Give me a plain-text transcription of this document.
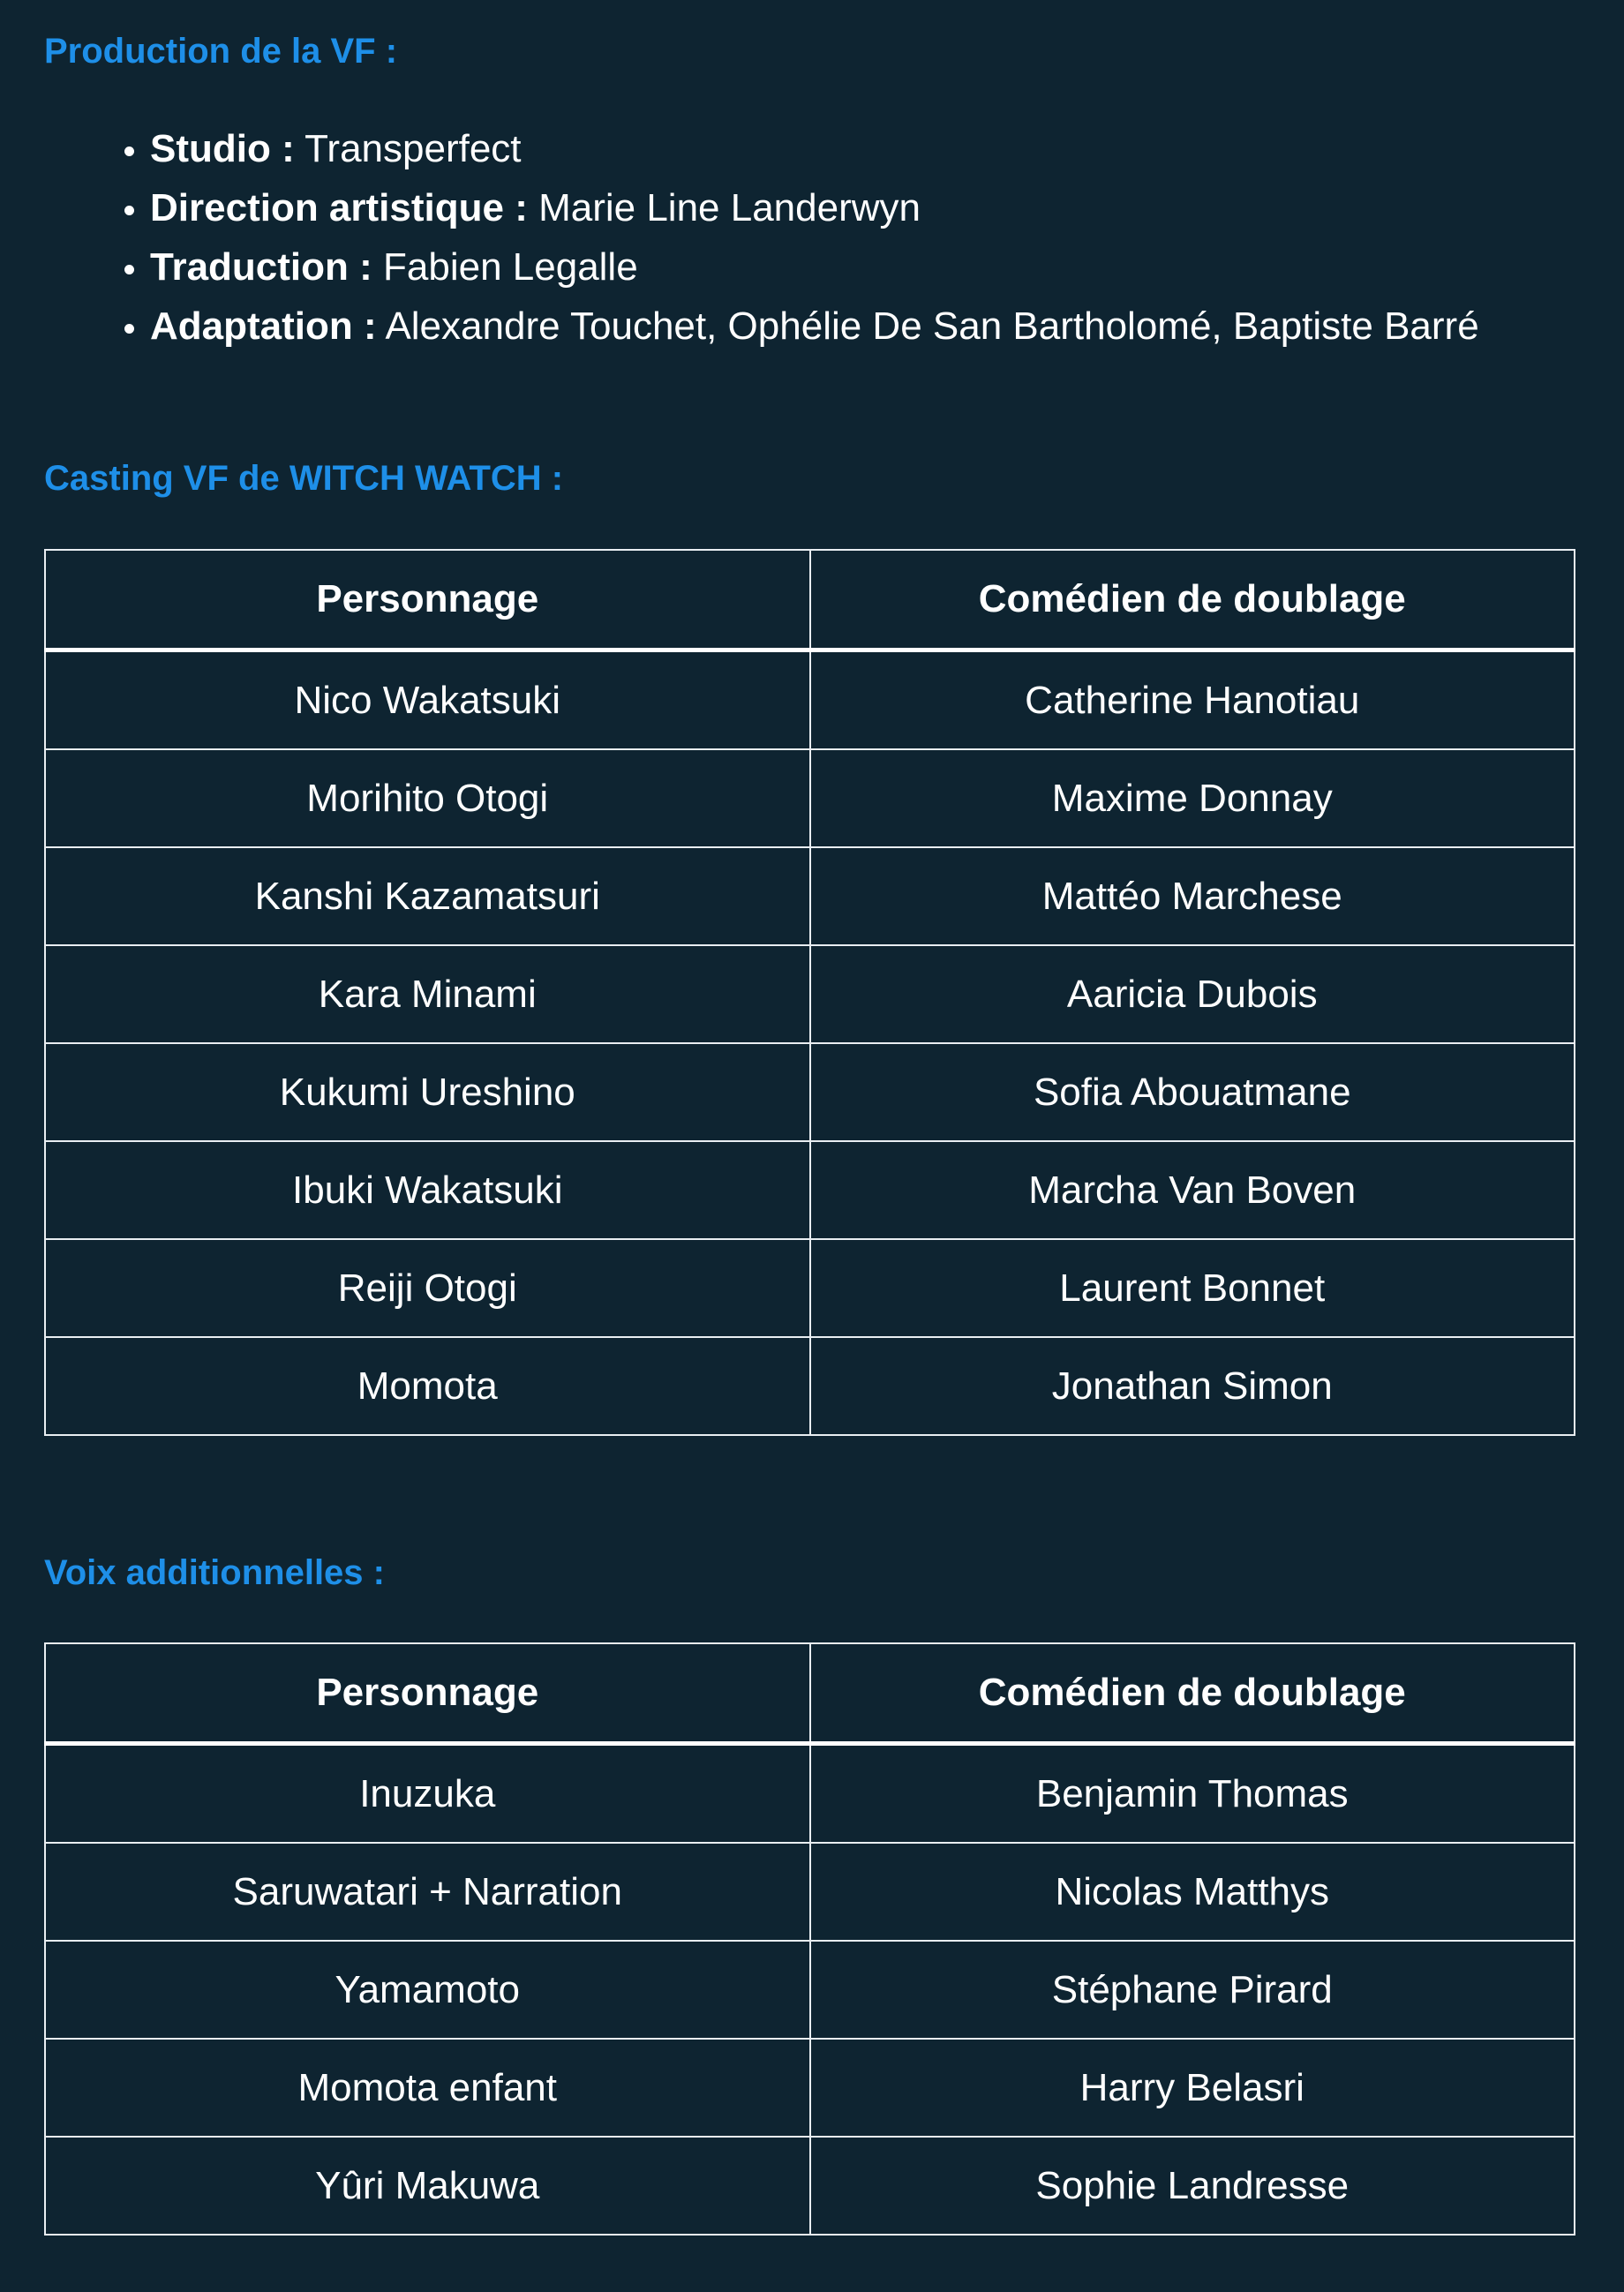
Production de la VF :
• Studio : Transperfect
• Direction artistique : Marie Line Landerwyn
• Traduction : Fabien Legalle
• Adaptation : Alexandre Touchet, Ophélie De San Bartholomé, Baptiste Barré
Casting VF de WITCH WATCH :
Personnage	Comédien de doublage
Nico Wakatsuki	Catherine Hanotiau
Morihito Otogi	Maxime Donnay
Kanshi Kazamatsuri	Mattéo Marchese
Kara Minami	Aaricia Dubois
Kukumi Ureshino	Sofia Abouatmane
Ibuki Wakatsuki	Marcha Van Boven
Reiji Otogi	Laurent Bonnet
Momota	Jonathan Simon
Voix additionnelles :
Personnage	Comédien de doublage
Inuzuka	Benjamin Thomas
Saruwatari + Narration	Nicolas Matthys
Yamamoto	Stéphane Pirard
Momota enfant	Harry Belasri
Yûri Makuwa	Sophie Landresse
